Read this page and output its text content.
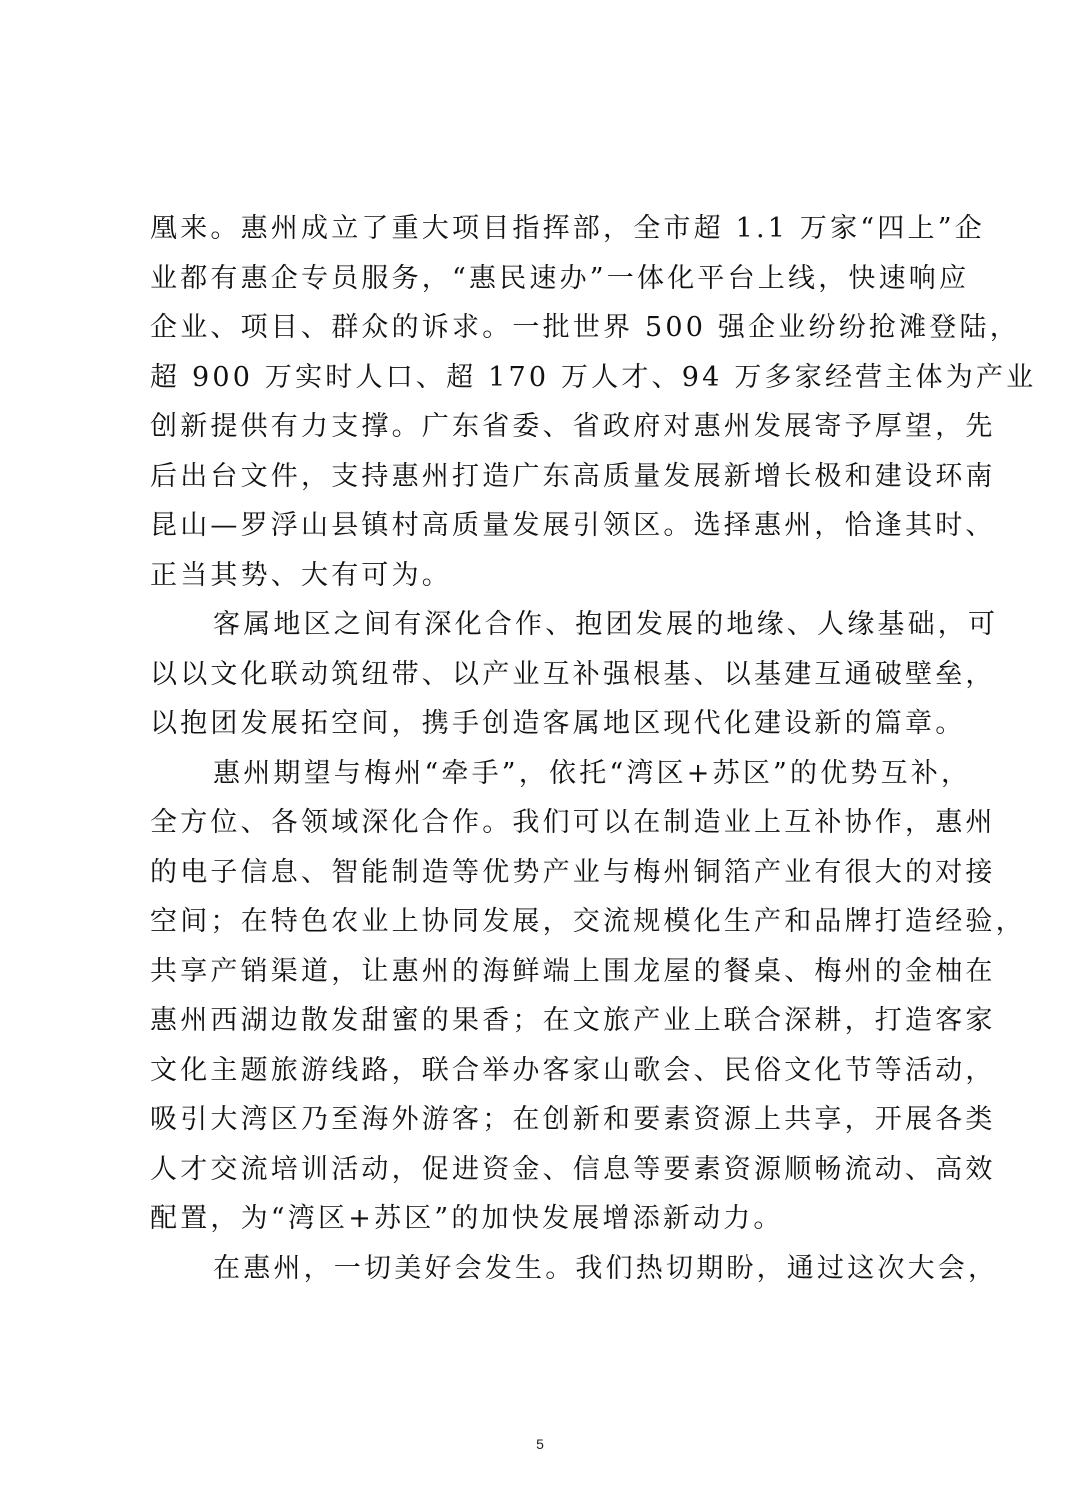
凰来。惠州成立了重大项目指挥部，全市超 1.1 万家“四上”企
业都有惠企专员服务，“惠民速办”一体化平台上线，快速响应
企业、项目、群众的诉求。一批世界 500 强企业纷纷抢滩登陆，
超 900 万实时人口、超 170 万人才、94 万多家经营主体为产业
创新提供有力支撑。广东省委、省政府对惠州发展寄予厚望，先
后出台文件，支持惠州打造广东高质量发展新增长极和建设环南
昆山—罗浮山县镇村高质量发展引领区。选择惠州，恰逢其时、
正当其势、大有可为。
客属地区之间有深化合作、抱团发展的地缘、人缘基础，可
以以文化联动筑纽带、以产业互补强根基、以基建互通破壁垒，
以抱团发展拓空间，携手创造客属地区现代化建设新的篇章。
惠州期望与梅州“牵手”，依托“湾区+苏区”的优势互补，
全方位、各领域深化合作。我们可以在制造业上互补协作，惠州
的电子信息、智能制造等优势产业与梅州铜箔产业有很大的对接
空间；在特色农业上协同发展，交流规模化生产和品牌打造经验，
共享产销渠道，让惠州的海鲜端上围龙屋的餐桌、梅州的金柚在
惠州西湖边散发甜蜜的果香；在文旅产业上联合深耕，打造客家
文化主题旅游线路，联合举办客家山歌会、民俗文化节等活动，
吸引大湾区乃至海外游客；在创新和要素资源上共享，开展各类
人才交流培训活动，促进资金、信息等要素资源顺畅流动、高效
配置，为“湾区+苏区”的加快发展增添新动力。
在惠州，一切美好会发生。我们热切期盼，通过这次大会，
5
